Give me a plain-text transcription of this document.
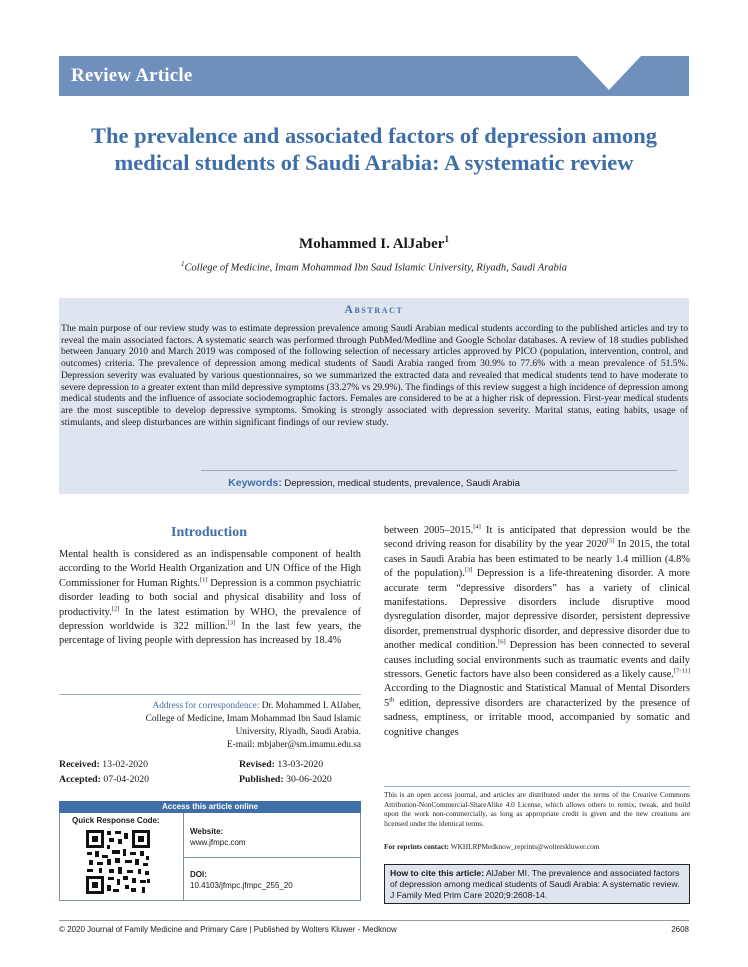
Review Article
The prevalence and associated factors of depression among medical students of Saudi Arabia: A systematic review
Mohammed I. AlJaber$^1$
$^1$College of Medicine, Imam Mohammad Ibn Saud Islamic University, Riyadh, Saudi Arabia
Abstract
The main purpose of our review study was to estimate depression prevalence among Saudi Arabian medical students according to the published articles and try to reveal the main associated factors. A systematic search was performed through PubMed/Medline and Google Scholar databases. A review of 18 studies published between January 2010 and March 2019 was composed of the following selection of necessary articles approved by PICO (population, intervention, control, and outcomes) criteria. The prevalence of depression among medical students of Saudi Arabia ranged from 30.9% to 77.6% with a mean prevalence of 51.5%. Depression severity was evaluated by various questionnaires, so we summarized the extracted data and revealed that medical students tend to have moderate to severe depression to a greater extent than mild depressive symptoms (33.27% vs 29.9%). The findings of this review suggest a high incidence of depression among medical students and the influence of associate sociodemographic factors. Females are considered to be at a higher risk of depression. First-year medical students are the most susceptible to develop depressive symptoms. Smoking is strongly associated with depression severity. Marital status, eating habits, usage of stimulants, and sleep disturbances are within significant findings of our review study.
Keywords: Depression, medical students, prevalence, Saudi Arabia
Introduction
Mental health is considered as an indispensable component of health according to the World Health Organization and UN Office of the High Commissioner for Human Rights.[1] Depression is a common psychiatric disorder leading to both social and physical disability and loss of productivity.[2] In the latest estimation by WHO, the prevalence of depression worldwide is 322 million.[3] In the last few years, the percentage of living people with depression has increased by 18.4%
between 2005–2015.[4] It is anticipated that depression would be the second driving reason for disability by the year 2020[5] In 2015, the total cases in Saudi Arabia has been estimated to be nearly 1.4 million (4.8% of the population).[3] Depression is a life-threatening disorder. A more accurate term “depressive disorders” has a variety of clinical manifestations. Depressive disorders include disruptive mood dysregulation disorder, major depressive disorder, persistent depressive disorder, premenstrual dysphoric disorder, and depressive disorder due to another medical condition.[6] Depression has been connected to several causes including social environments such as traumatic events and daily stressors. Genetic factors have also been considered as a likely cause.[7-11] According to the Diagnostic and Statistical Manual of Mental Disorders 5th edition, depressive disorders are characterized by the presence of sadness, emptiness, or irritable mood, accompanied by somatic and cognitive changes
Address for correspondence: Dr. Mohammed I. AlJaber,
College of Medicine, Imam Mohammad Ibn Saud Islamic
University, Riyadh, Saudi Arabia.
E-mail: mbjaber@sm.imamu.edu.sa
Received: 13-02-2020	Revised: 13-03-2020
Accepted: 07-04-2020	Published: 30-06-2020
Access this article online
Quick Response Code:
Website:
www.jfmpc.com
DOI:
10.4103/jfmpc.jfmpc_255_20
This is an open access journal, and articles are distributed under the terms of the Creative Commons Attribution-NonCommercial-ShareAlike 4.0 License, which allows others to remix, tweak, and build upon the work non-commercially, as long as appropriate credit is given and the new creations are licensed under the identical terms.
For reprints contact: WKHLRPMedknow_reprints@wolterskluwer.com
How to cite this article: AlJaber MI. The prevalence and associated factors of depression among medical students of Saudi Arabia: A systematic review. J Family Med Prim Care 2020;9:2608-14.
© 2020 Journal of Family Medicine and Primary Care | Published by Wolters Kluwer - Medknow	2608
